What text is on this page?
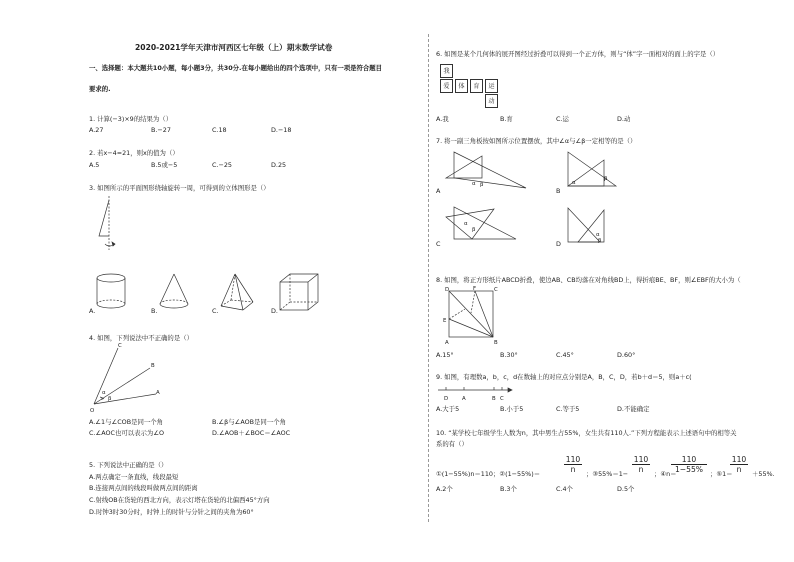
2020-2021学年天津市河西区七年级（上）期末数学试卷
一、选择题：本大题共10小题，每小题3分，共30分.在每小题给出的四个选项中，只有一项是符合题目
要求的.
1. 计算(−3)×9的结果为（）
A.27	B.−27	C.18	D.−18
2. 若x−4=21，则x的值为（）
A.5	B.5或−5	C.−25	D.25
3. 如图所示的平面图形绕轴旋转一周，可得到的立体图形是（）
A.	B.	C.	D.
4. 如图，下列说法中不正确的是（）
C
B
A
O
α
β
A.∠1与∠COB是同一个角	B.∠β与∠AOB是同一个角
C.∠AOC也可以表示为∠O	D.∠AOB＋∠BOC＝∠AOC
5. 下列说法中正确的是（）
A.两点确定一条直线，线段最短
B.连接两点间的线段叫做两点间的距离
C.射线OB在货轮的西北方向，表示灯塔在货轮的北偏西45°方向
D.时钟3时30分时，时钟上的时针与分针之间的夹角为60°
6. 如图是某个几何体的展开图经过折叠可以得到一个正方体，则与“体”字一面相对的面上的字是（）
我
爱	体	育	运
动
A.我	B.育	C.运	D.动
7. 将一副三角板按如图所示位置摆放，其中∠α与∠β一定相等的是（）
α β	α
β
A	B
α
β
α
β
C	D
8. 如图，将正方形纸片ABCD折叠，使边AB、CB均落在对角线BD上，得折痕BE、BF，则∠EBF的大小为（
D	F	C
E
A	B
A.15°	B.30°	C.45°	D.60°
9. 如图，有理数a，b，c，d在数轴上的对应点分别是A，B，C，D，若b＋d＝5，则a＋c(
D	A	B C
A.大于5	B.小于5	C.等于5	D.不能确定
10. “某学校七年级学生人数为n，其中男生占55%，女生共有110人.”下列方程能表示上述语句中的相等关
系的有（）
①(1−55%)n＝110；②(1−55%)＝
110
n	；③55%＝1−
110
n	；④n＝
110
1−55%	；⑤1＝
110
n	＋55%.
A.2个	B.3个	C.4个	D.5个
